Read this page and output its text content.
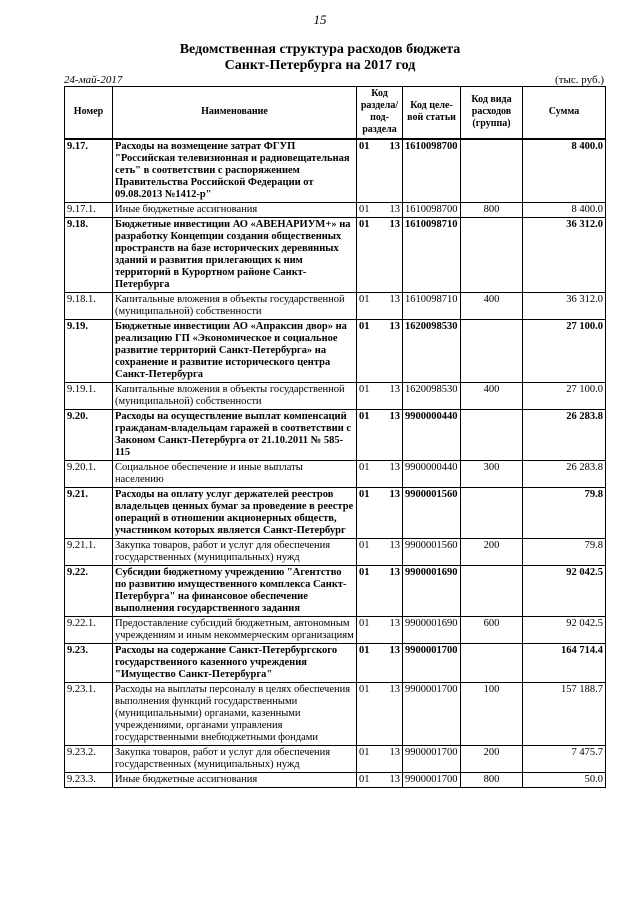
15
Ведомственная структура расходов бюджета
Санкт-Петербурга на 2017 год
24-май-2017	(тыс. руб.)
Номер	Наименование	Код раздела/ под- раздела		Код целе- вой статьи	Код вида расходов (группа)	Сумма
9.17.	Расходы на возмещение затрат ФГУП "Российская телевизионная и радиовещательная сеть" в соответствии с распоряжением Правительства Российской Федерации от 09.08.2013 №1412-р"	01	13	1610098700		8 400.0
9.17.1.	Иные бюджетные ассигнования	01	13	1610098700	800	8 400.0
9.18.	Бюджетные инвестиции АО «АВЕНАРИУМ+» на разработку Концепции создания общественных пространств на базе исторических деревянных зданий и развития прилегающих к ним территорий в Курортном районе Санкт-Петербурга	01	13	1610098710		36 312.0
9.18.1.	Капитальные вложения в объекты государственной (муниципальной) собственности	01	13	1610098710	400	36 312.0
9.19.	Бюджетные инвестиции АО «Апраксин двор» на реализацию ГП «Экономическое и социальное развитие территорий Санкт-Петербурга» на сохранение и развитие исторического центра Санкт-Петербурга	01	13	1620098530		27 100.0
9.19.1.	Капитальные вложения в объекты государственной (муниципальной) собственности	01	13	1620098530	400	27 100.0
9.20.	Расходы на осуществление выплат компенсаций гражданам-владельцам гаражей в соответствии с Законом Санкт-Петербурга от 21.10.2011 № 585-115	01	13	9900000440		26 283.8
9.20.1.	Социальное обеспечение и иные выплаты населению	01	13	9900000440	300	26 283.8
9.21.	Расходы на оплату услуг держателей реестров владельцев ценных бумаг за проведение в реестре операций в отношении акционерных обществ, участником которых является Санкт-Петербург	01	13	9900001560		79.8
9.21.1.	Закупка товаров, работ и услуг для обеспечения государственных (муниципальных) нужд	01	13	9900001560	200	79.8
9.22.	Субсидии бюджетному учреждению "Агентство по развитию имущественного комплекса Санкт-Петербурга" на финансовое обеспечение выполнения государственного задания	01	13	9900001690		92 042.5
9.22.1.	Предоставление субсидий бюджетным, автономным учреждениям и иным некоммерческим организациям	01	13	9900001690	600	92 042.5
9.23.	Расходы на содержание Санкт-Петербургского государственного казенного учреждения "Имущество Санкт-Петербурга"	01	13	9900001700		164 714.4
9.23.1.	Расходы на выплаты персоналу в целях обеспечения выполнения функций государственными (муниципальными) органами, казенными учреждениями, органами управления государственными внебюджетными фондами	01	13	9900001700	100	157 188.7
9.23.2.	Закупка товаров, работ и услуг для обеспечения государственных (муниципальных) нужд	01	13	9900001700	200	7 475.7
9.23.3.	Иные бюджетные ассигнования	01	13	9900001700	800	50.0
